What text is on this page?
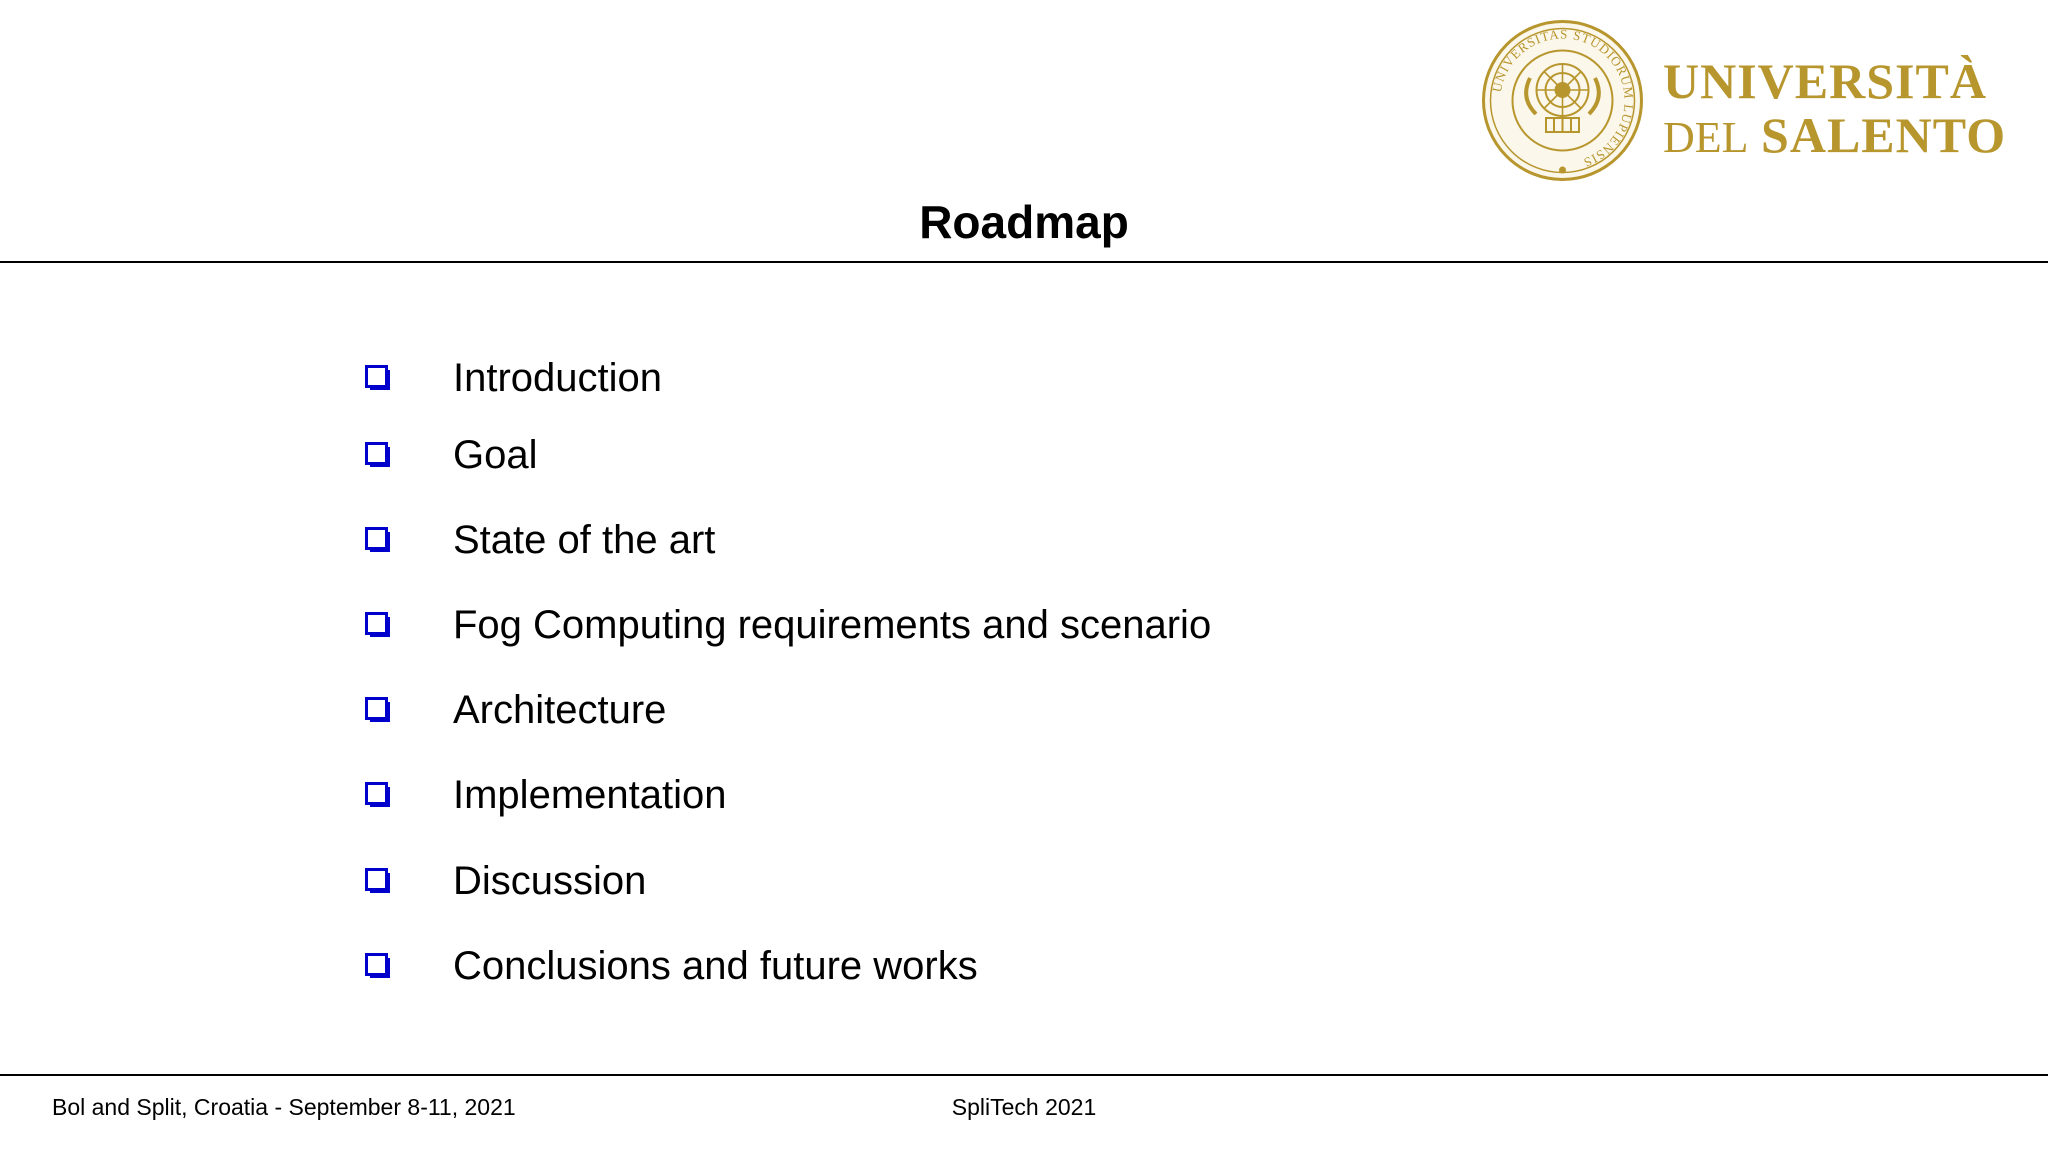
UNIVERSITAS STUDIORUM LUPIENSIS
UNIVERSITÀ
DEL SALENTO
Roadmap
Introduction
Goal
State of the art
Fog Computing requirements and scenario
Architecture
Implementation
Discussion
Conclusions and future works
Bol and Split, Croatia - September 8-11, 2021	SpliTech 2021
